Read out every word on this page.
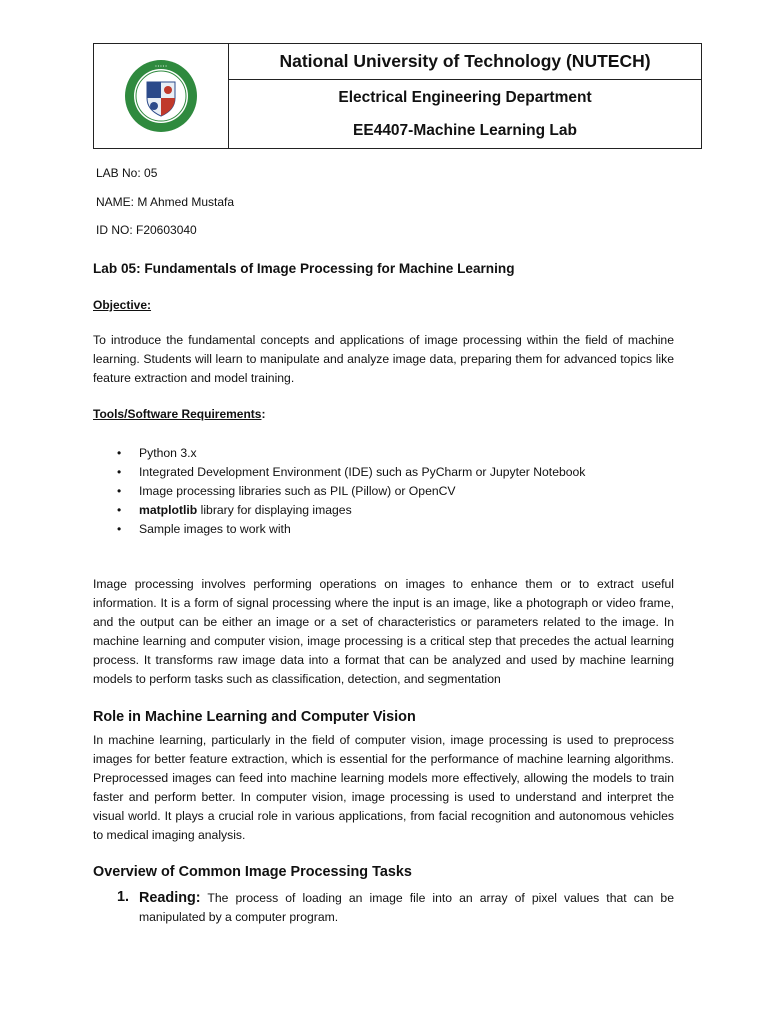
• • • • •	National University of Technology (NUTECH)
Electrical Engineering Department
EE4407-Machine Learning Lab
LAB No: 05
NAME: M Ahmed Mustafa
ID NO: F20603040
Lab 05: Fundamentals of Image Processing for Machine Learning
Objective:

To introduce the fundamental concepts and applications of image processing within the field of machine learning. Students will learn to manipulate and analyze image data, preparing them for advanced topics like feature extraction and model training.

Tools/Software Requirements:
• Python 3.x
• Integrated Development Environment (IDE) such as PyCharm or Jupyter Notebook
• Image processing libraries such as PIL (Pillow) or OpenCV
• matplotlib library for displaying images
• Sample images to work with

Image processing involves performing operations on images to enhance them or to extract useful information. It is a form of signal processing where the input is an image, like a photograph or video frame, and the output can be either an image or a set of characteristics or parameters related to the image. In machine learning and computer vision, image processing is a critical step that precedes the actual learning process. It transforms raw image data into a format that can be analyzed and used by machine learning models to perform tasks such as classification, detection, and segmentation

Role in Machine Learning and Computer Vision

In machine learning, particularly in the field of computer vision, image processing is used to preprocess images for better feature extraction, which is essential for the performance of machine learning algorithms. Preprocessed images can feed into machine learning models more effectively, allowing the models to train faster and perform better. In computer vision, image processing is used to understand and interpret the visual world. It plays a crucial role in various applications, from facial recognition and autonomous vehicles to medical imaging analysis.

Overview of Common Image Processing Tasks
1. Reading: The process of loading an image file into an array of pixel values that can be manipulated by a computer program.
